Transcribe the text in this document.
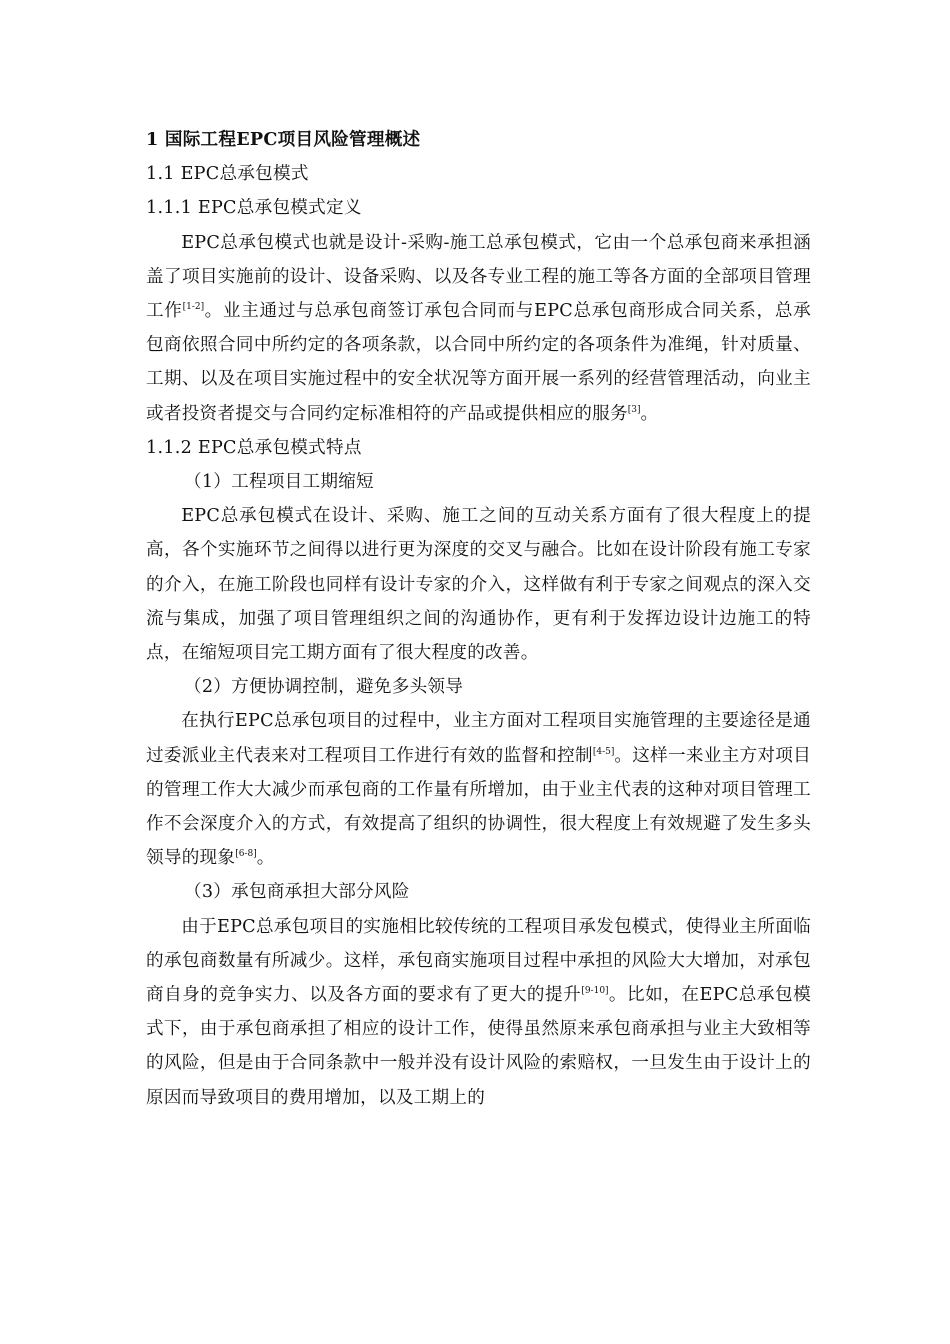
1 国际工程EPC项目风险管理概述

1.1 EPC总承包模式

1.1.1 EPC总承包模式定义

EPC总承包模式也就是设计-采购-施工总承包模式，它由一个总承包商来承担涵盖了项目实施前的设计、设备采购、以及各专业工程的施工等各方面的全部项目管理工作[1-2]。业主通过与总承包商签订承包合同而与EPC总承包商形成合同关系，总承包商依照合同中所约定的各项条款，以合同中所约定的各项条件为准绳，针对质量、工期、以及在项目实施过程中的安全状况等方面开展一系列的经营管理活动，向业主或者投资者提交与合同约定标准相符的产品或提供相应的服务[3]。

1.1.2 EPC总承包模式特点

（1）工程项目工期缩短

EPC总承包模式在设计、采购、施工之间的互动关系方面有了很大程度上的提高，各个实施环节之间得以进行更为深度的交叉与融合。比如在设计阶段有施工专家的介入，在施工阶段也同样有设计专家的介入，这样做有利于专家之间观点的深入交流与集成，加强了项目管理组织之间的沟通协作，更有利于发挥边设计边施工的特点，在缩短项目完工期方面有了很大程度的改善。

（2）方便协调控制，避免多头领导

在执行EPC总承包项目的过程中，业主方面对工程项目实施管理的主要途径是通过委派业主代表来对工程项目工作进行有效的监督和控制[4-5]。这样一来业主方对项目的管理工作大大减少而承包商的工作量有所增加，由于业主代表的这种对项目管理工作不会深度介入的方式，有效提高了组织的协调性，很大程度上有效规避了发生多头领导的现象[6-8]。

（3）承包商承担大部分风险

由于EPC总承包项目的实施相比较传统的工程项目承发包模式，使得业主所面临的承包商数量有所减少。这样，承包商实施项目过程中承担的风险大大增加，对承包商自身的竞争实力、以及各方面的要求有了更大的提升[9-10]。比如，在EPC总承包模式下，由于承包商承担了相应的设计工作，使得虽然原来承包商承担与业主大致相等的风险，但是由于合同条款中一般并没有设计风险的索赔权，一旦发生由于设计上的原因而导致项目的费用增加，以及工期上的
